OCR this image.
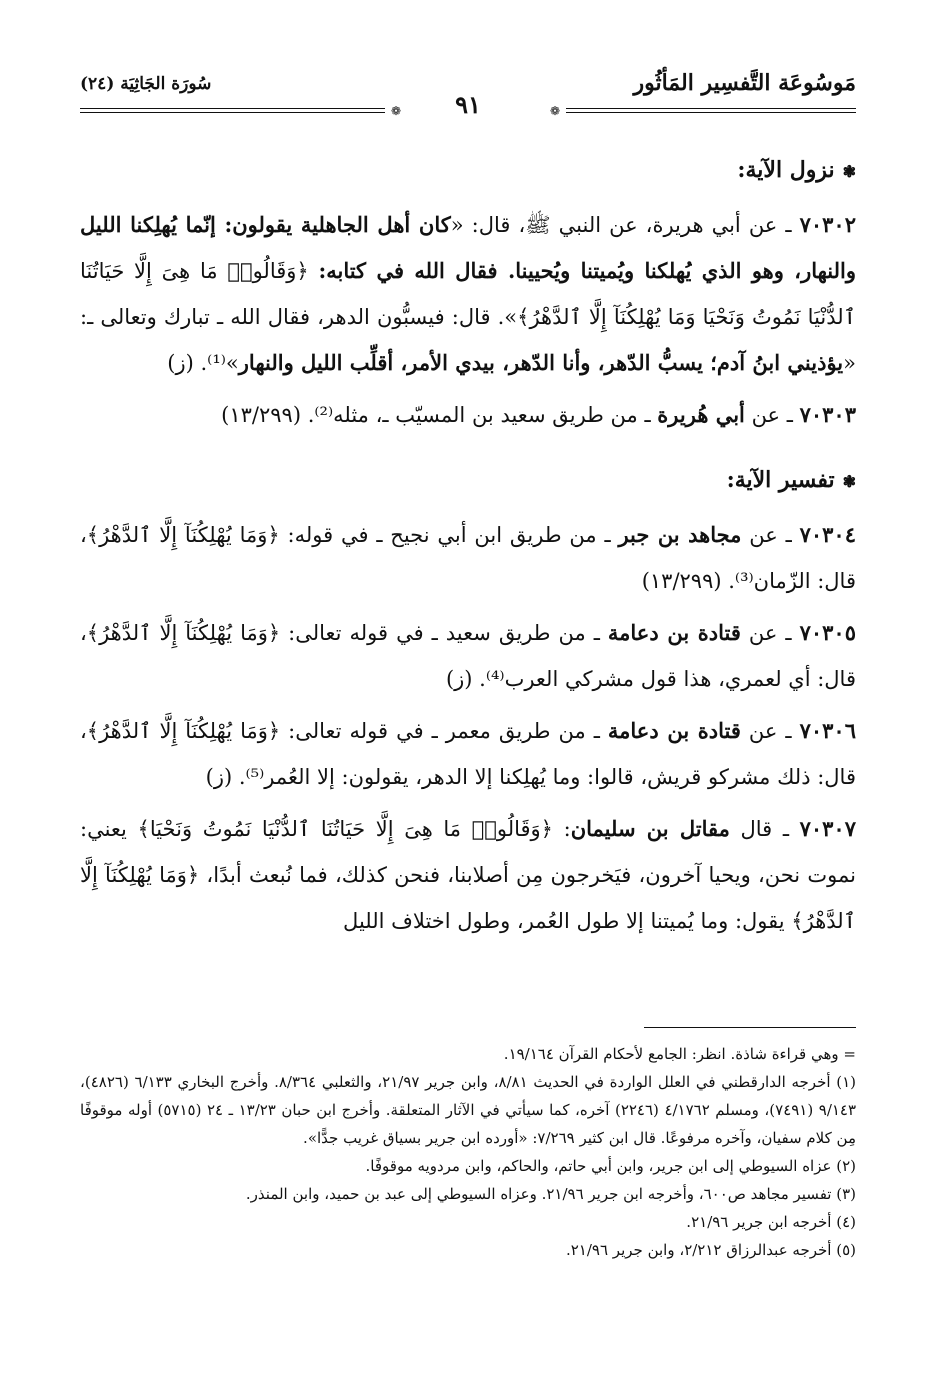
مَوسُوعَة التَّفسِير المَأثُور
❁
٩١
❁
سُورَة الجَاثِيَة (٢٤)
❃نزول الآية:

٧٠٣٠٢ ـ عن أبي هريرة، عن النبي ﷺ، قال: «كان أهل الجاهلية يقولون: إنّما يُهلِكنا الليل والنهار، وهو الذي يُهلكنا ويُميتنا ويُحيينا. فقال الله في كتابه: ﴿وَقَالُوا۟ مَا هِىَ إِلَّا حَيَاتُنَا ٱلدُّنْيَا نَمُوتُ وَنَحْيَا وَمَا يُهْلِكُنَآ إِلَّا ٱلدَّهْرُ﴾». قال: فيسبُّون الدهر، فقال الله ـ تبارك وتعالى ـ: «يؤذيني ابنُ آدم؛ يسبُّ الدّهر، وأنا الدّهر، بيدي الأمر، أقلِّب الليل والنهار»⁽¹⁾. (ز)

٧٠٣٠٣ ـ عن أبي هُريرة ـ من طريق سعيد بن المسيّب ـ، مثله⁽²⁾. (١٣/٢٩٩)

❃تفسير الآية:

٧٠٣٠٤ ـ عن مجاهد بن جبر ـ من طريق ابن أبي نجيح ـ في قوله: ﴿وَمَا يُهْلِكُنَآ إِلَّا ٱلدَّهْرُ﴾، قال: الزّمان⁽³⁾. (١٣/٢٩٩)

٧٠٣٠٥ ـ عن قتادة بن دعامة ـ من طريق سعيد ـ في قوله تعالى: ﴿وَمَا يُهْلِكُنَآ إِلَّا ٱلدَّهْرُ﴾، قال: أي لعمري، هذا قول مشركي العرب⁽⁴⁾. (ز)

٧٠٣٠٦ ـ عن قتادة بن دعامة ـ من طريق معمر ـ في قوله تعالى: ﴿وَمَا يُهْلِكُنَآ إِلَّا ٱلدَّهْرُ﴾، قال: ذلك مشركو قريش، قالوا: وما يُهلِكنا إلا الدهر، يقولون: إلا العُمر⁽⁵⁾. (ز)

٧٠٣٠٧ ـ قال مقاتل بن سليمان: ﴿وَقَالُوا۟ مَا هِىَ إِلَّا حَيَاتُنَا ٱلدُّنْيَا نَمُوتُ وَنَحْيَا﴾ يعني: نموت نحن، ويحيا آخرون، فيَخرجون مِن أصلابنا، فنحن كذلك، فما نُبعث أبدًا، ﴿وَمَا يُهْلِكُنَآ إِلَّا ٱلدَّهْرُ﴾ يقول: وما يُميتنا إلا طول العُمر، وطول اختلاف الليل

= وهي قراءة شاذة. انظر: الجامع لأحكام القرآن ١٩/١٦٤.

(١) أخرجه الدارقطني في العلل الواردة في الحديث ٨/٨١، وابن جرير ٢١/٩٧، والثعلبي ٨/٣٦٤. وأخرج البخاري ٦/١٣٣ (٤٨٢٦)، ٩/١٤٣ (٧٤٩١)، ومسلم ٤/١٧٦٢ (٢٢٤٦) آخره، كما سيأتي في الآثار المتعلقة. وأخرج ابن حبان ١٣/٢٣ ـ ٢٤ (٥٧١٥) أوله موقوفًا مِن كلام سفيان، وآخره مرفوعًا. قال ابن كثير ٧/٢٦٩: «أورده ابن جرير بسياق غريب جدًّا».

(٢) عزاه السيوطي إلى ابن جرير، وابن أبي حاتم، والحاكم، وابن مردويه موقوفًا.

(٣) تفسير مجاهد ص٦٠٠، وأخرجه ابن جرير ٢١/٩٦. وعزاه السيوطي إلى عبد بن حميد، وابن المنذر.

(٤) أخرجه ابن جرير ٢١/٩٦.

(٥) أخرجه عبدالرزاق ٢/٢١٢، وابن جرير ٢١/٩٦.
